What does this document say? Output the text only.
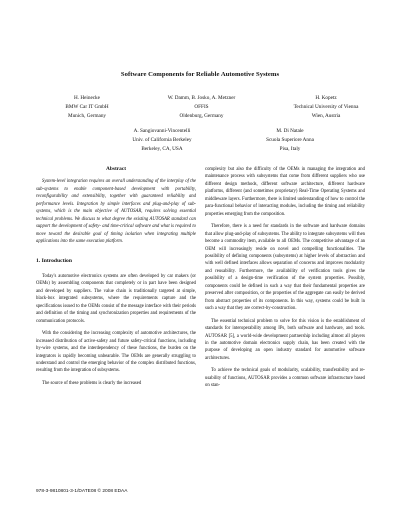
Software Components for Reliable Automotive Systems
H. Heinecke
BMW Car IT GmbH
Munich, Germany
W. Damm, B. Josko, A. Metzner
OFFIS
Oldenburg, Germany
H. Kopetz
Technical University of Vienna
Wien, Austria
A. Sangiovanni-Vincentelli
Univ. of California Berkeley
Berkeley, CA, USA
M. Di Natale
Scuola Superiore Anna
Pisa, Italy
Abstract

System-level integration requires an overall understanding of the interplay of the sub-systems to enable component-based development with portability, reconfigurability and extensibility, together with guaranteed reliability and performance levels. Integration by simple interfaces and plug-and-play of sub-systems, which is the main objective of AUTOSAR, requires solving essential technical problems. We discuss to what degree the existing AUTOSAR standard can support the development of safety- and time-critical software and what is required to move toward the desirable goal of timing isolation when integrating multiple applications into the same execution platform.

1. Introduction

Today's automotive electronics systems are often developed by car makers (or OEMs) by assembling components that completely or in part have been designed and developed by suppliers. The value chain is traditionally targeted at simple, black-box integrated subsystems, where the requirements capture and the specifications issued to the OEMs consist of the message interface with their periods and definition of the timing and synchronization properties and requirements of the communication protocols.

With the considering the increasing complexity of automotive architectures, the increased distribution of active-safety and future safety-critical functions, including by-wire systems, and the interdependency of these functions, the burden on the integrators is rapidly becoming unbearable. The OEMs are generally struggling to understand and control the emerging behavior of the complex distributed functions, resulting from the integration of subsystems.

The source of these problems is clearly the increased

complexity but also the difficulty of the OEMs in managing the integration and maintenance process with subsystems that come from different suppliers who use different design methods, different software architecture, different hardware platforms, different (and sometimes proprietary) Real-Time Operating Systems and middleware layers. Furthermore, there is limited understanding of how to control the para-functional behavior of interacting modules, including the timing and reliability properties emerging from the composition.

Therefore, there is a need for standards in the software and hardware domains that allow plug-and-play of subsystems. The ability to integrate subsystems will then become a commodity item, available to all OEMs. The competitive advantage of an OEM will increasingly reside on novel and compelling functionalities. The possibility of defining components (subsystems) at higher levels of abstraction and with well defined interfaces allows separation of concerns and improves modularity and reusability. Furthermore, the availability of verification tools gives the possibility of a design-time verification of the system properties. Possibly, components could be defined in such a way that their fundamental properties are preserved after composition, or the properties of the aggregate can easily be derived from abstract properties of its components. In this way, systems could be built in such a way that they are correct-by-construction.

The essential technical problem to solve for this vision is the establishment of standards for interoperability among IPs, both software and hardware, and tools. AUTOSAR [5], a world-wide development partnership including almost all players in the automotive domain electronics supply chain, has been created with the purpose of developing an open industry standard for automotive software architectures.

To achieve the technical goals of modularity, scalability, transferability and re-usability of functions, AUTOSAR provides a common software infrastructure based on stan-

978-3-9810801-3-1/DATE08 © 2008 EDAA
